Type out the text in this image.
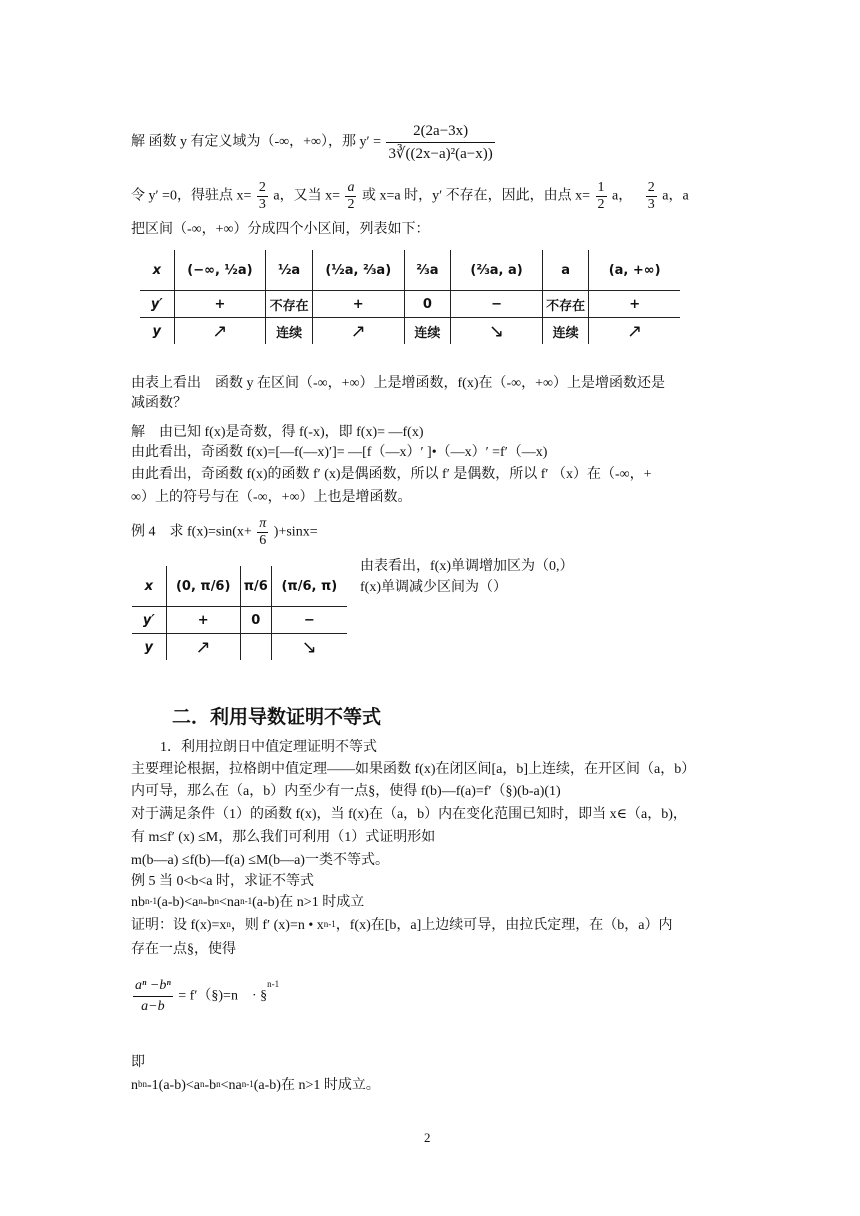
解 函数 y 有定义域为（-∞，+∞），那 $y' = \frac{2(2a-3x)}{\text{3∛((2x−a)²(a−x))}}$
令 y′ =0，得驻点 $x= \frac{2}{3}$ a，又当 $x= \frac{a}{2}$ 或 x=a 时，y′ 不存在，因此，由点 $x= \frac{1}{2}$ a， $\frac{2}{3}$ a，a
把区间（-∞，+∞）分成四个小区间，列表如下：
x	(−∞, ½a)	½a	(½a, ⅔a)	⅔a	(⅔a, a)	a	(a, +∞)
y′	+	不存在	+	0	−	不存在	+
y	↗	连续	↗	连续	↘	连续	↗
由表上看出　函数 y 在区间（-∞，+∞）上是增函数，f(x)在（-∞，+∞）上是增函数还是
减函数？
解　由已知 f(x)是奇数，得 f(-x)，即 f(x)= —f(x)
由此看出，奇函数 f(x)=[—f(—x)′]= —[f（—x）′ ]•（—x）′ =f′（—x)
由此看出，奇函数 f(x)的函数 f′ (x)是偶函数，所以 f′ 是偶数，所以 f′ （x）在（-∞，+
∞）上的符号与在（-∞，+∞）上也是增函数。
例 4　求 $f(x)=\sin(x+ \frac{\pi}{6} )+\sin x=$
x	(0, π/6)	π/6	(π/6, π)
y′	+	0	−
y	↗		↘
由表看出，f(x)单调增加区为（0,）
f(x)单调减少区间为（）
二．利用导数证明不等式
1．利用拉朗日中值定理证明不等式
主要理论根据，拉格朗中值定理——如果函数 f(x)在闭区间[a，b]上连续，在开区间（a，b）
内可导，那么在（a，b）内至少有一点§，使得 f(b)—f(a)=f′（§)(b-a)(1)
对于满足条件（1）的函数 f(x)，当 f(x)在（a，b）内在变化范围已知时，即当 x∈（a，b)，
有 m≤f′ (x) ≤M，那么我们可利用（1）式证明形如
m(b—a) ≤f(b)—f(a) ≤M(b—a)一类不等式。
例 5 当 0<b<a 时，求证不等式
$nb^{n-1}(a-b)<a^n-b^n<na^{n-1}(a-b)$在 n>1 时成立
证明：设 $f(x)=x^n$，则 f′ (x)=n • $x^{n-1}$，f(x)在[b，a]上边续可导，由拉氏定理，在（b，a）内
存在一点§，使得
$\frac{\text{aⁿ −bⁿ}}{a-b}$ = f′（§)=n　· §$^{n-1}$
即
$n^{bn}-1(a-b)<a^n-b^n<na^{n-1}(a-b)$在 n>1 时成立。
2
